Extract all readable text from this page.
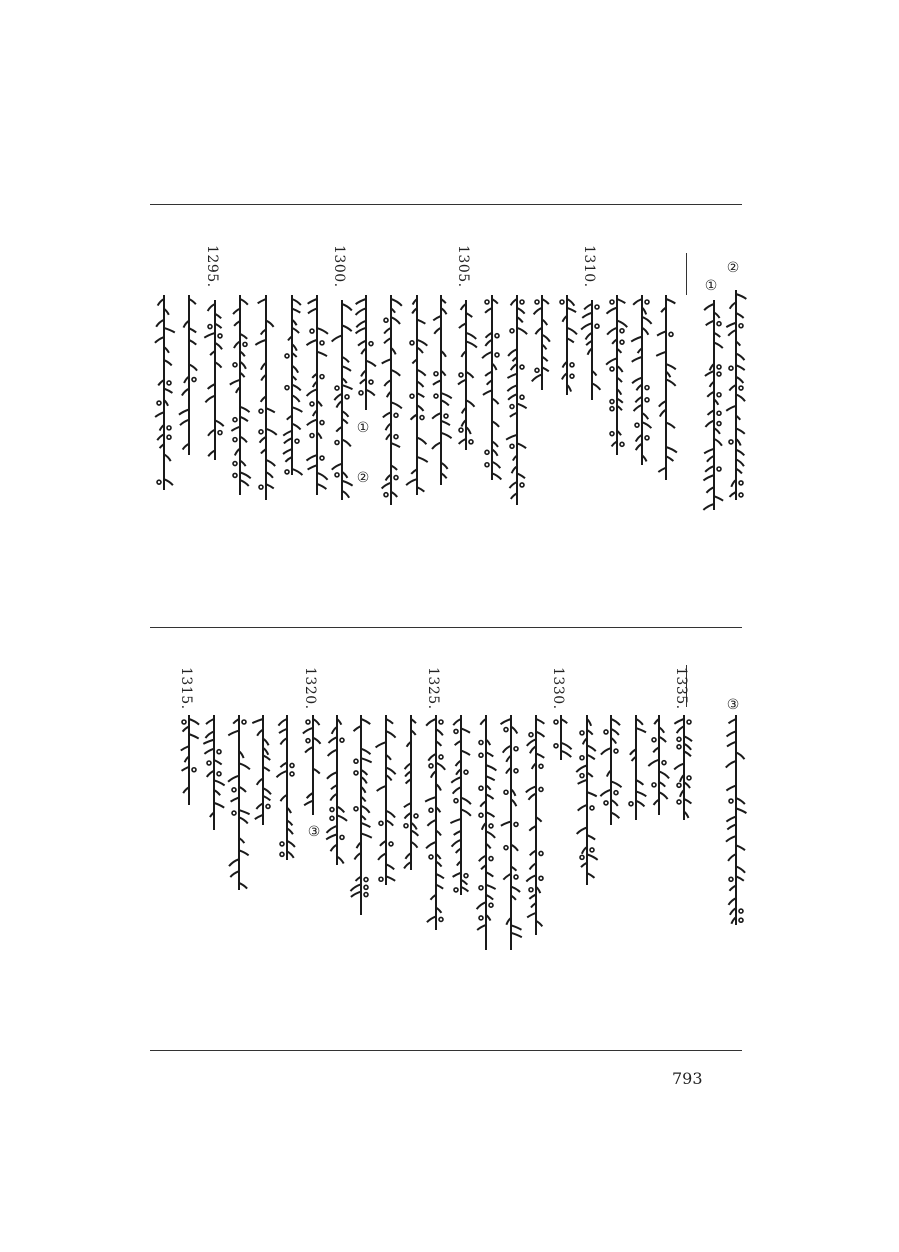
①
②
1310.
1305.
1300.
1295.
①
②
③
1335.
1330.
1325.
1320.
1315.
③
793
